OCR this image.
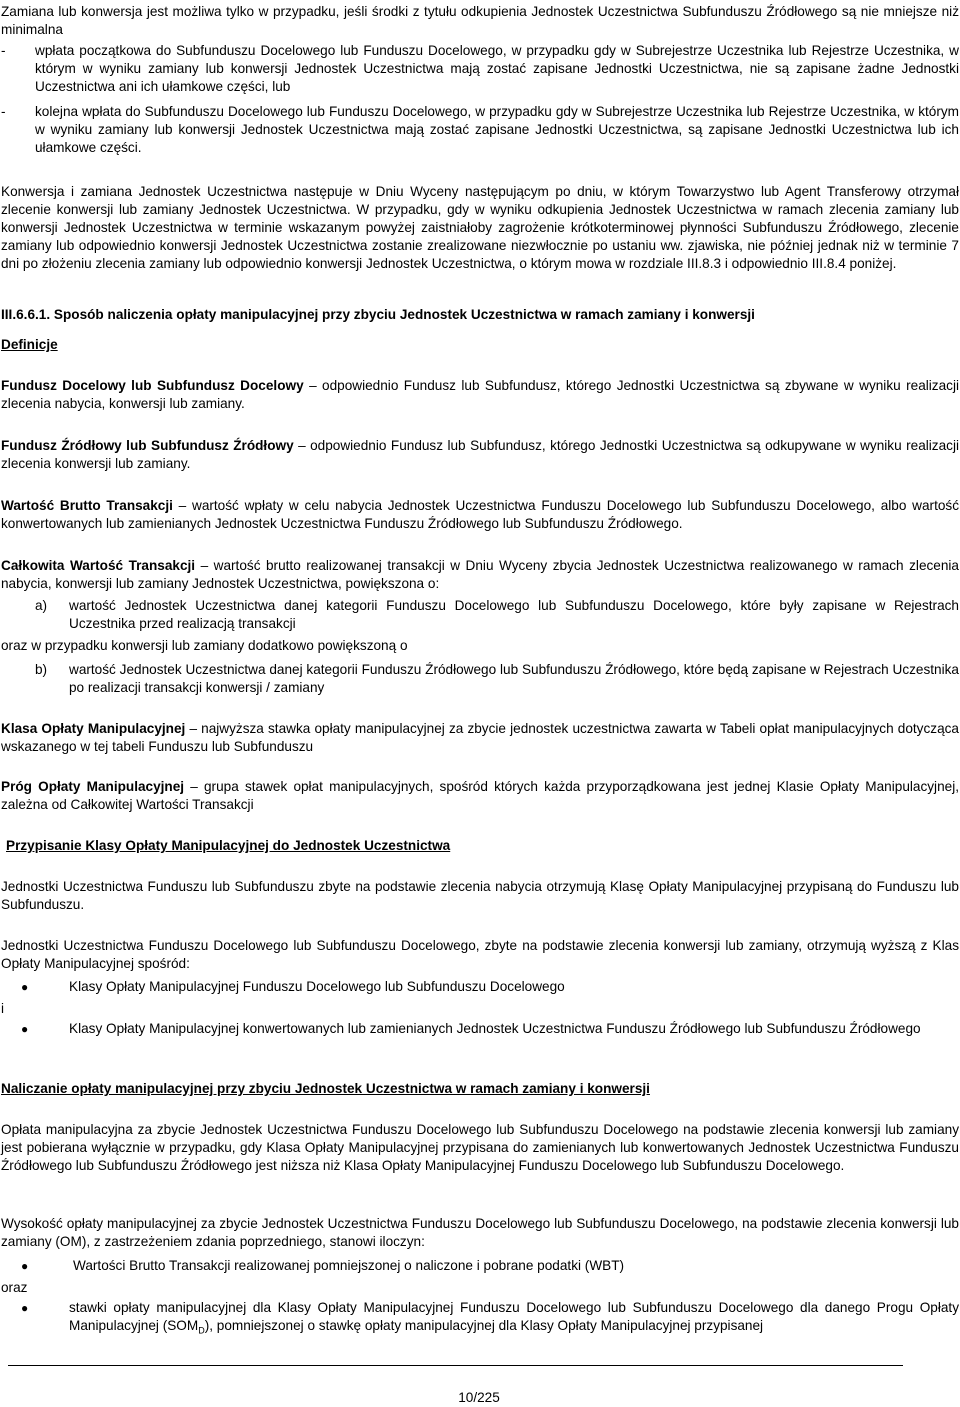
Zamiana lub konwersja jest możliwa tylko w przypadku, jeśli środki z tytułu odkupienia Jednostek Uczestnictwa Subfunduszu Źródłowego są nie mniejsze niż minimalna

-	wpłata początkowa do Subfunduszu Docelowego lub Funduszu Docelowego, w przypadku gdy w Subrejestrze Uczestnika lub Rejestrze Uczestnika, w którym w wyniku zamiany lub konwersji Jednostek Uczestnictwa mają zostać zapisane Jednostki Uczestnictwa, nie są zapisane żadne Jednostki Uczestnictwa ani ich ułamkowe części, lub
-	kolejna wpłata do Subfunduszu Docelowego lub Funduszu Docelowego, w przypadku gdy w Subrejestrze Uczestnika lub Rejestrze Uczestnika, w którym w wyniku zamiany lub konwersji Jednostek Uczestnictwa mają zostać zapisane Jednostki Uczestnictwa, są zapisane Jednostki Uczestnictwa lub ich ułamkowe części.

Konwersja i zamiana Jednostek Uczestnictwa następuje w Dniu Wyceny następującym po dniu, w którym Towarzystwo lub Agent Transferowy otrzymał zlecenie konwersji lub zamiany Jednostek Uczestnictwa. W przypadku, gdy w wyniku odkupienia Jednostek Uczestnictwa w ramach zlecenia zamiany lub konwersji Jednostek Uczestnictwa w terminie wskazanym powyżej zaistniałoby zagrożenie krótkoterminowej płynności Subfunduszu Źródłowego, zlecenie zamiany lub odpowiednio konwersji Jednostek Uczestnictwa zostanie zrealizowane niezwłocznie po ustaniu ww. zjawiska, nie później jednak niż w terminie 7 dni po złożeniu zlecenia zamiany lub odpowiednio konwersji Jednostek Uczestnictwa, o którym mowa w rozdziale III.8.3 i odpowiednio III.8.4 poniżej.

III.6.6.1. Sposób naliczenia opłaty manipulacyjnej przy zbyciu Jednostek Uczestnictwa w ramach zamiany i konwersji

Definicje

Fundusz Docelowy lub Subfundusz Docelowy – odpowiednio Fundusz lub Subfundusz, którego Jednostki Uczestnictwa są zbywane w wyniku realizacji zlecenia nabycia, konwersji lub zamiany.

Fundusz Źródłowy lub Subfundusz Źródłowy – odpowiednio Fundusz lub Subfundusz, którego Jednostki Uczestnictwa są odkupywane w wyniku realizacji zlecenia konwersji lub zamiany.

Wartość Brutto Transakcji – wartość wpłaty w celu nabycia Jednostek Uczestnictwa Funduszu Docelowego lub Subfunduszu Docelowego, albo wartość konwertowanych lub zamienianych Jednostek Uczestnictwa Funduszu Źródłowego lub Subfunduszu Źródłowego.

Całkowita Wartość Transakcji – wartość brutto realizowanej transakcji w Dniu Wyceny zbycia Jednostek Uczestnictwa realizowanego w ramach zlecenia nabycia, konwersji lub zamiany Jednostek Uczestnictwa, powiększona o:

a)	wartość Jednostek Uczestnictwa danej kategorii Funduszu Docelowego lub Subfunduszu Docelowego, które były zapisane w Rejestrach Uczestnika przed realizacją transakcji

oraz w przypadku konwersji lub zamiany dodatkowo powiększoną o

b)	wartość Jednostek Uczestnictwa danej kategorii Funduszu Źródłowego lub Subfunduszu Źródłowego, które będą zapisane w Rejestrach Uczestnika po realizacji transakcji konwersji / zamiany

Klasa Opłaty Manipulacyjnej – najwyższa stawka opłaty manipulacyjnej za zbycie jednostek uczestnictwa zawarta w Tabeli opłat manipulacyjnych dotycząca wskazanego w tej tabeli Funduszu lub Subfunduszu

Próg Opłaty Manipulacyjnej – grupa stawek opłat manipulacyjnych, spośród których każda przyporządkowana jest jednej Klasie Opłaty Manipulacyjnej, zależna od Całkowitej Wartości Transakcji

Przypisanie Klasy Opłaty Manipulacyjnej do Jednostek Uczestnictwa

Jednostki Uczestnictwa Funduszu lub Subfunduszu zbyte na podstawie zlecenia nabycia otrzymują Klasę Opłaty Manipulacyjnej przypisaną do Funduszu lub Subfunduszu.

Jednostki Uczestnictwa Funduszu Docelowego lub Subfunduszu Docelowego, zbyte na podstawie zlecenia konwersji lub zamiany, otrzymują wyższą z Klas Opłaty Manipulacyjnej spośród:

●	Klasy Opłaty Manipulacyjnej Funduszu Docelowego lub Subfunduszu Docelowego

i

●	Klasy Opłaty Manipulacyjnej konwertowanych lub zamienianych Jednostek Uczestnictwa Funduszu Źródłowego lub Subfunduszu Źródłowego

Naliczanie opłaty manipulacyjnej przy zbyciu Jednostek Uczestnictwa w ramach zamiany i konwersji

Opłata manipulacyjna za zbycie Jednostek Uczestnictwa Funduszu Docelowego lub Subfunduszu Docelowego na podstawie zlecenia konwersji lub zamiany jest pobierana wyłącznie w przypadku, gdy Klasa Opłaty Manipulacyjnej przypisana do zamienianych lub konwertowanych Jednostek Uczestnictwa Funduszu Źródłowego lub Subfunduszu Źródłowego jest niższa niż Klasa Opłaty Manipulacyjnej Funduszu Docelowego lub Subfunduszu Docelowego.

Wysokość opłaty manipulacyjnej za zbycie Jednostek Uczestnictwa Funduszu Docelowego lub Subfunduszu Docelowego, na podstawie zlecenia konwersji lub zamiany (OM), z zastrzeżeniem zdania poprzedniego, stanowi iloczyn:

●	Wartości Brutto Transakcji realizowanej pomniejszonej o naliczone i pobrane podatki (WBT)

oraz

●	stawki opłaty manipulacyjnej dla Klasy Opłaty Manipulacyjnej Funduszu Docelowego lub Subfunduszu Docelowego dla danego Progu Opłaty Manipulacyjnej $(SOM_D)$, pomniejszonej o stawkę opłaty manipulacyjnej dla Klasy Opłaty Manipulacyjnej przypisanej
10/225
